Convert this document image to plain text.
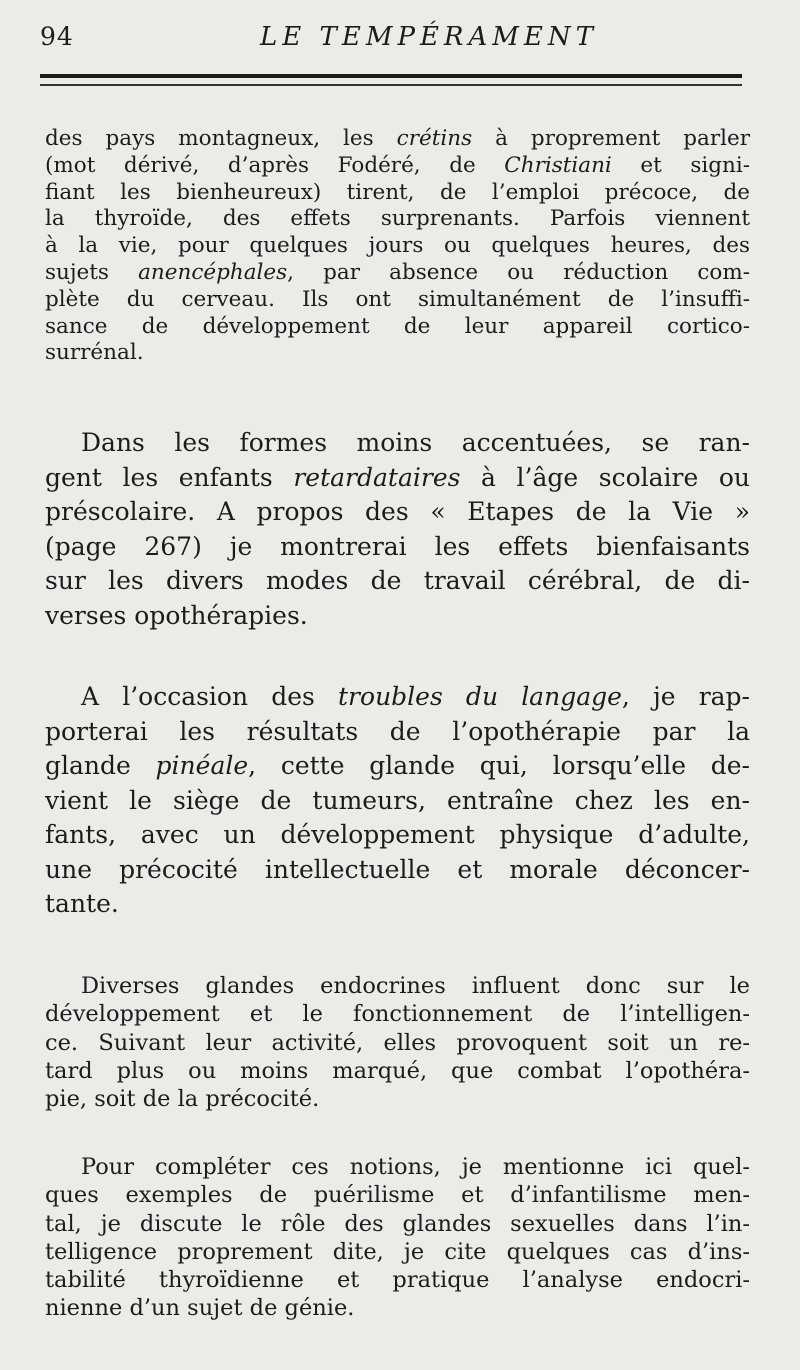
94	LE TEMPÉRAMENT

des pays montagneux, les crétins à proprement parler
(mot dérivé, d’après Fodéré, de Christiani et signi-
fiant les bienheureux) tirent, de l’emploi précoce, de
la thyroïde, des effets surprenants. Parfois viennent
à la vie, pour quelques jours ou quelques heures, des
sujets anencéphales, par absence ou réduction com-
plète du cerveau. Ils ont simultanément de l’insuffi-
sance de développement de leur appareil cortico-
surrénal.

Dans les formes moins accentuées, se ran-
gent les enfants retardataires à l’âge scolaire ou
préscolaire. A propos des « Etapes de la Vie »
(page 267) je montrerai les effets bienfaisants
sur les divers modes de travail cérébral, de di-
verses opothérapies.

A l’occasion des troubles du langage, je rap-
porterai les résultats de l’opothérapie par la
glande pinéale, cette glande qui, lorsqu’elle de-
vient le siège de tumeurs, entraîne chez les en-
fants, avec un développement physique d’adulte,
une précocité intellectuelle et morale déconcer-
tante.

Diverses glandes endocrines influent donc sur le
développement et le fonctionnement de l’intelligen-
ce. Suivant leur activité, elles provoquent soit un re-
tard plus ou moins marqué, que combat l’opothéra-
pie, soit de la précocité.

Pour compléter ces notions, je mentionne ici quel-
ques exemples de puérilisme et d’infantilisme men-
tal, je discute le rôle des glandes sexuelles dans l’in-
telligence proprement dite, je cite quelques cas d’ins-
tabilité thyroïdienne et pratique l’analyse endocri-
nienne d’un sujet de génie.
